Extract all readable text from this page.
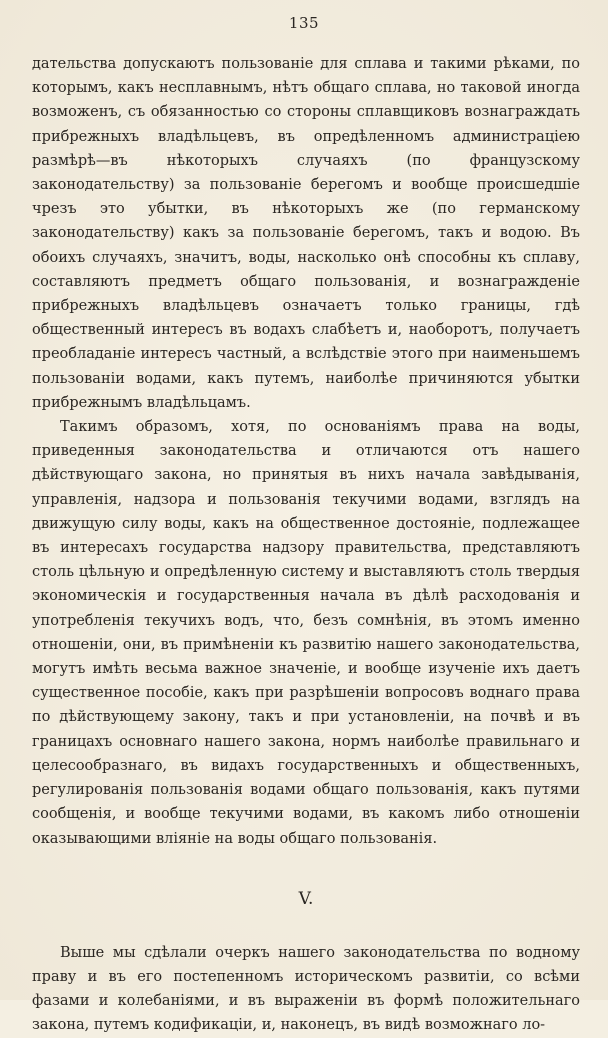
135

дательства допускаютъ пользованіе для сплава и такими рѣками, по которымъ, какъ несплавнымъ, нѣтъ общаго сплава, но таковой иногда возможенъ, съ обязанностью со стороны сплавщиковъ вознаграждать прибрежныхъ владѣльцевъ, въ опредѣленномъ администраціею размѣрѣ—въ нѣкоторыхъ случаяхъ (по французскому законодательству) за пользованіе берегомъ и вообще происшедшіе чрезъ это убытки, въ нѣкоторыхъ же (по германскому законодательству) какъ за пользованіе берегомъ, такъ и водою. Въ обоихъ случаяхъ, значитъ, воды, насколько онѣ способны къ сплаву, составляютъ предметъ общаго пользованія, и вознагражденіе прибрежныхъ владѣльцевъ означаетъ только границы, гдѣ общественный интересъ въ водахъ слабѣетъ и, наоборотъ, получаетъ преобладаніе интересъ частный, а вслѣдствіе этого при наименьшемъ пользованіи водами, какъ путемъ, наиболѣе причиняются убытки прибрежнымъ владѣльцамъ.

Такимъ образомъ, хотя, по основаніямъ права на воды, приведенныя законодательства и отличаются отъ нашего дѣйствующаго закона, но принятыя въ нихъ начала завѣдыванія, управленія, надзора и пользованія текучими водами, взглядъ на движущую силу воды, какъ на общественное достояніе, подлежащее въ интересахъ государства надзору правительства, представляютъ столь цѣльную и опредѣленную систему и выставляютъ столь твердыя экономическія и государственныя начала въ дѣлѣ расходованія и употребленія текучихъ водъ, что, безъ сомнѣнія, въ этомъ именно отношеніи, они, въ примѣненіи къ развитію нашего законодательства, могутъ имѣть весьма важное значеніе, и вообще изученіе ихъ даетъ существенное пособіе, какъ при разрѣшеніи вопросовъ воднаго права по дѣйствующему закону, такъ и при установленіи, на почвѣ и въ границахъ основнаго нашего закона, нормъ наиболѣе правильнаго и целесообразнаго, въ видахъ государственныхъ и общественныхъ, регулированія пользованія водами общаго пользованія, какъ путями сообщенія, и вообще текучими водами, въ какомъ либо отношеніи оказывающими вліяніе на воды общаго пользованія.

V.

Выше мы сдѣлали очеркъ нашего законодательства по водному праву и въ его постепенномъ историческомъ развитіи, со всѣми фазами и колебаніями, и въ выраженіи въ формѣ положительнаго закона, путемъ кодификаціи, и, наконецъ, въ видѣ возможнаго ло-
